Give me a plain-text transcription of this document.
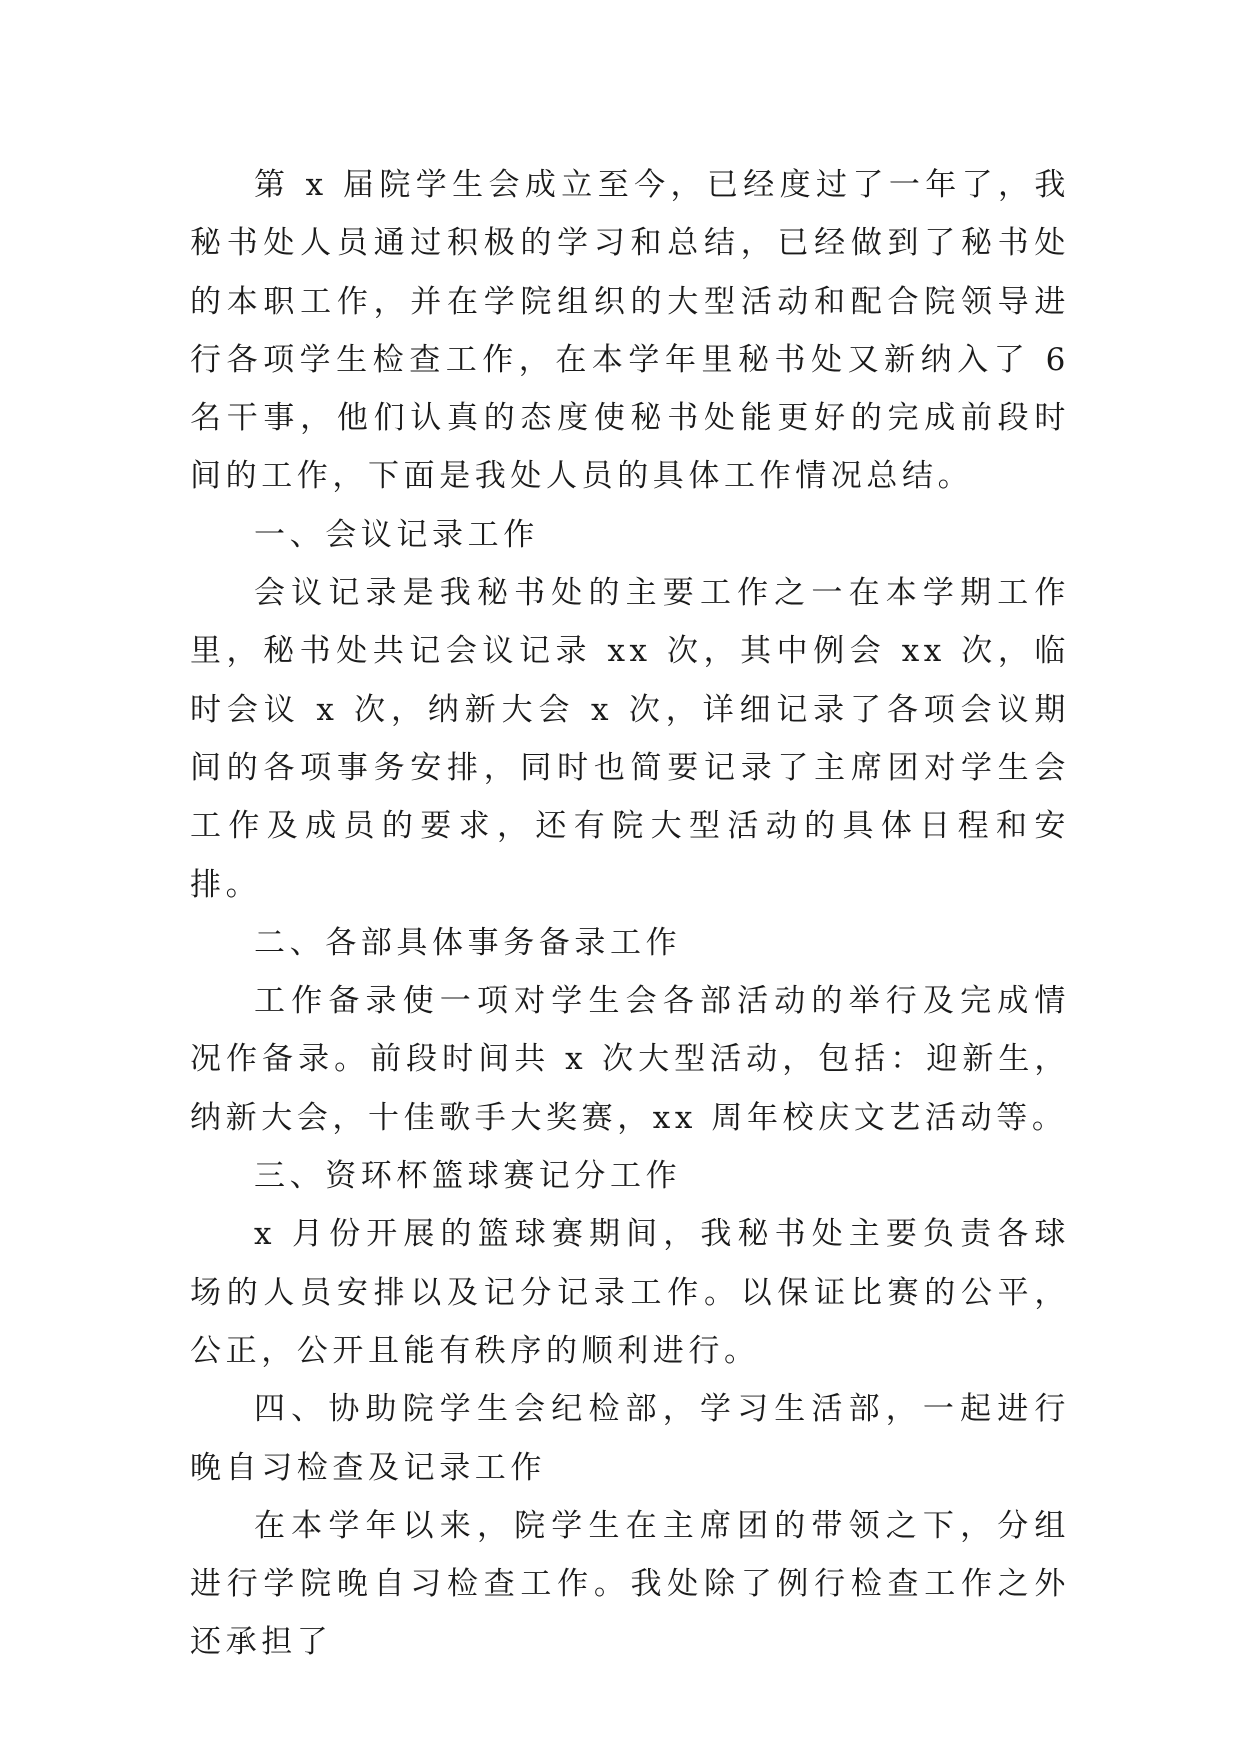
第 x 届院学生会成立至今，已经度过了一年了，我秘书处人员通过积极的学习和总结，已经做到了秘书处的本职工作，并在学院组织的大型活动和配合院领导进行各项学生检查工作，在本学年里秘书处又新纳入了 6 名干事，他们认真的态度使秘书处能更好的完成前段时间的工作，下面是我处人员的具体工作情况总结。

一、会议记录工作

会议记录是我秘书处的主要工作之一在本学期工作里，秘书处共记会议记录 xx 次，其中例会 xx 次，临时会议 x 次，纳新大会 x 次，详细记录了各项会议期间的各项事务安排，同时也简要记录了主席团对学生会工作及成员的要求，还有院大型活动的具体日程和安排。

二、各部具体事务备录工作

工作备录使一项对学生会各部活动的举行及完成情况作备录。前段时间共 x 次大型活动，包括：迎新生，纳新大会，十佳歌手大奖赛，xx 周年校庆文艺活动等。

三、资环杯篮球赛记分工作

x 月份开展的篮球赛期间，我秘书处主要负责各球场的人员安排以及记分记录工作。以保证比赛的公平，公正，公开且能有秩序的顺利进行。

四、协助院学生会纪检部，学习生活部，一起进行晚自习检查及记录工作

在本学年以来，院学生在主席团的带领之下，分组进行学院晚自习检查工作。我处除了例行检查工作之外还承担了
